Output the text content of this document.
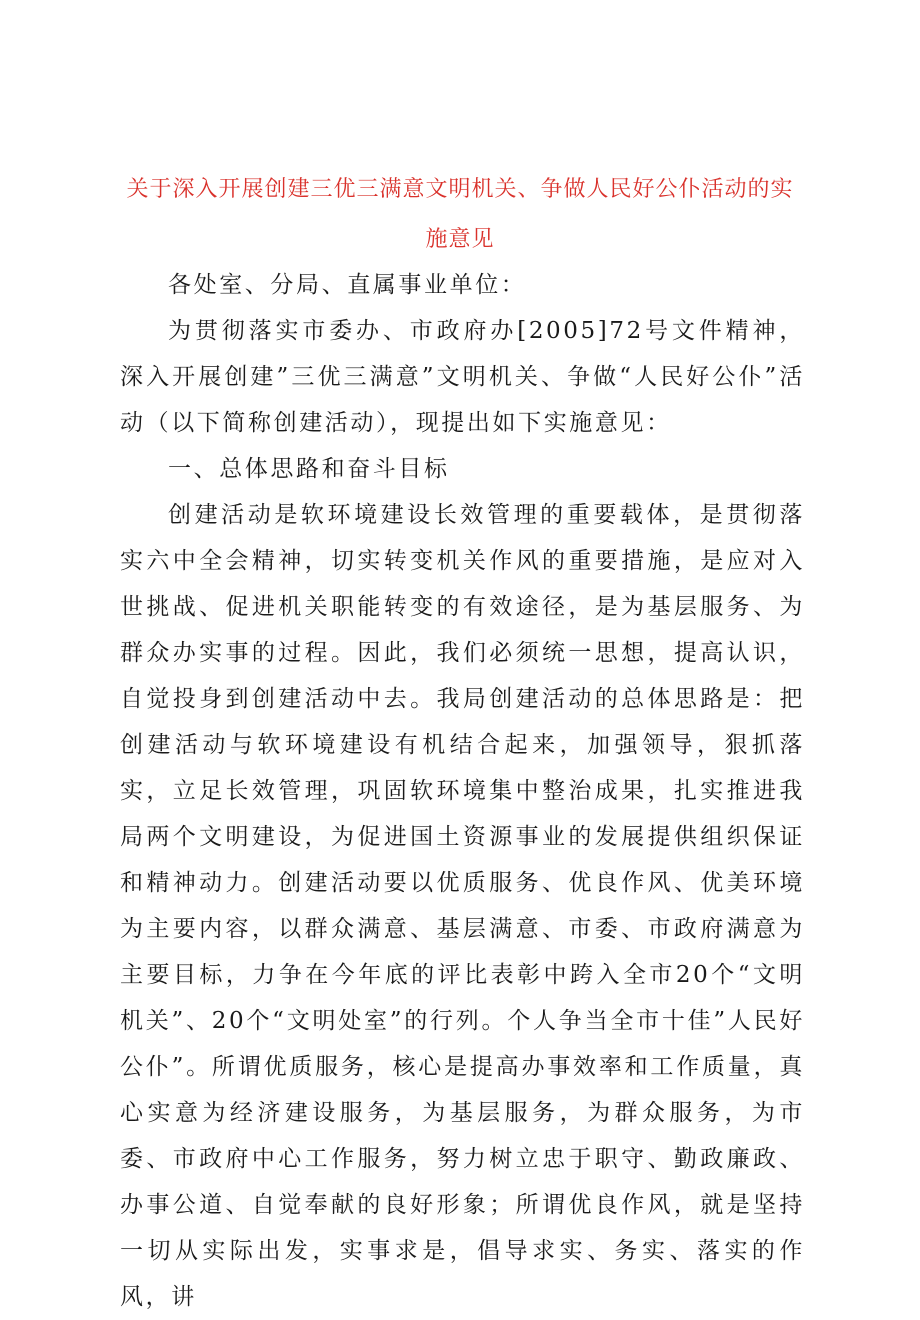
关于深入开展创建三优三满意文明机关、争做人民好公仆活动的实
施意见

各处室、分局、直属事业单位：

为贯彻落实市委办、市政府办[2005]72号文件精神，深入开展创建”三优三满意”文明机关、争做“人民好公仆”活动（以下简称创建活动），现提出如下实施意见：

一、总体思路和奋斗目标

创建活动是软环境建设长效管理的重要载体，是贯彻落实六中全会精神，切实转变机关作风的重要措施，是应对入世挑战、促进机关职能转变的有效途径，是为基层服务、为群众办实事的过程。因此，我们必须统一思想，提高认识，自觉投身到创建活动中去。我局创建活动的总体思路是：把创建活动与软环境建设有机结合起来，加强领导，狠抓落实，立足长效管理，巩固软环境集中整治成果，扎实推进我局两个文明建设，为促进国土资源事业的发展提供组织保证和精神动力。创建活动要以优质服务、优良作风、优美环境为主要内容，以群众满意、基层满意、市委、市政府满意为主要目标，力争在今年底的评比表彰中跨入全市20个“文明机关”、20个“文明处室”的行列。个人争当全市十佳”人民好公仆”。所谓优质服务，核心是提高办事效率和工作质量，真心实意为经济建设服务，为基层服务，为群众服务，为市委、市政府中心工作服务，努力树立忠于职守、勤政廉政、办事公道、自觉奉献的良好形象；所谓优良作风，就是坚持一切从实际出发，实事求是，倡导求实、务实、落实的作风，讲
